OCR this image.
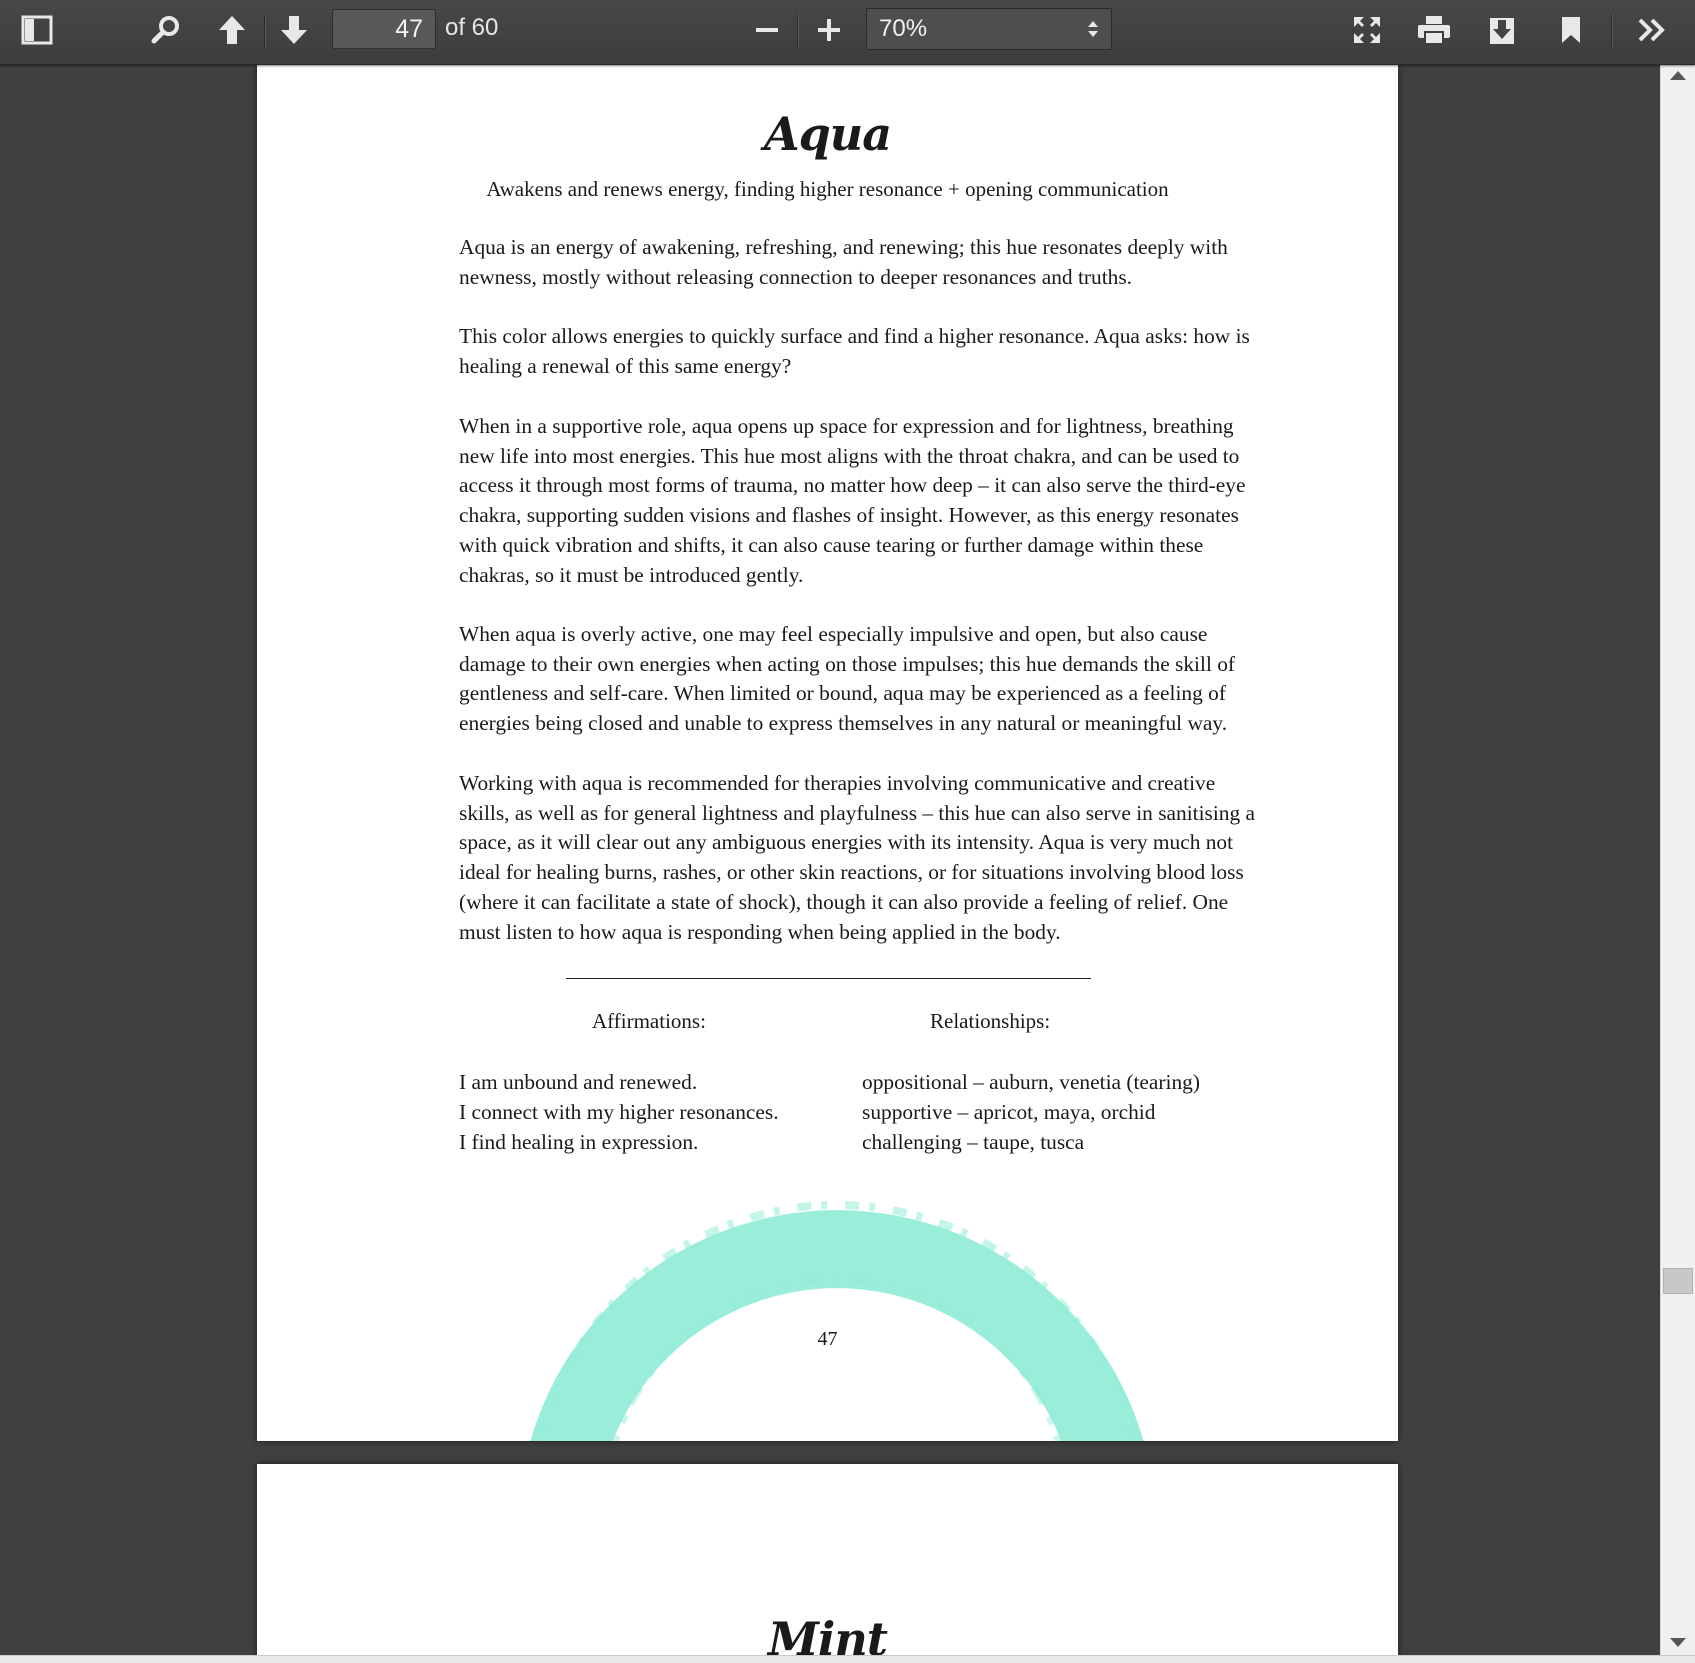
47
of 60	70%
Aqua
Awakens and renews energy, finding higher resonance + opening communication

Aqua is an energy of awakening, refreshing, and renewing; this hue resonates deeply with newness, mostly without releasing connection to deeper resonances and truths.

This color allows energies to quickly surface and find a higher resonance. Aqua asks: how is healing a renewal of this same energy?

When in a supportive role, aqua opens up space for expression and for lightness, breathing new life into most energies. This hue most aligns with the throat chakra, and can be used to access it through most forms of trauma, no matter how deep – it can also serve the third-eye chakra, supporting sudden visions and flashes of insight. However, as this energy resonates with quick vibration and shifts, it can also cause tearing or further damage within these chakras, so it must be introduced gently.

When aqua is overly active, one may feel especially impulsive and open, but also cause damage to their own energies when acting on those impulses; this hue demands the skill of gentleness and self-care. When limited or bound, aqua may be experienced as a feeling of energies being closed and unable to express themselves in any natural or meaningful way.

Working with aqua is recommended for therapies involving communicative and creative skills, as well as for general lightness and playfulness – this hue can also serve in sanitising a space, as it will clear out any ambiguous energies with its intensity. Aqua is very much not ideal for healing burns, rashes, or other skin reactions, or for situations involving blood loss (where it can facilitate a state of shock), though it can also provide a feeling of relief. One must listen to how aqua is responding when being applied in the body.

Affirmations:	Relationships:
I am unbound and renewed.
I connect with my higher resonances.
I find healing in expression.
oppositional – auburn, venetia (tearing)
supportive – apricot, maya, orchid
challenging – taupe, tusca
47
Mint
